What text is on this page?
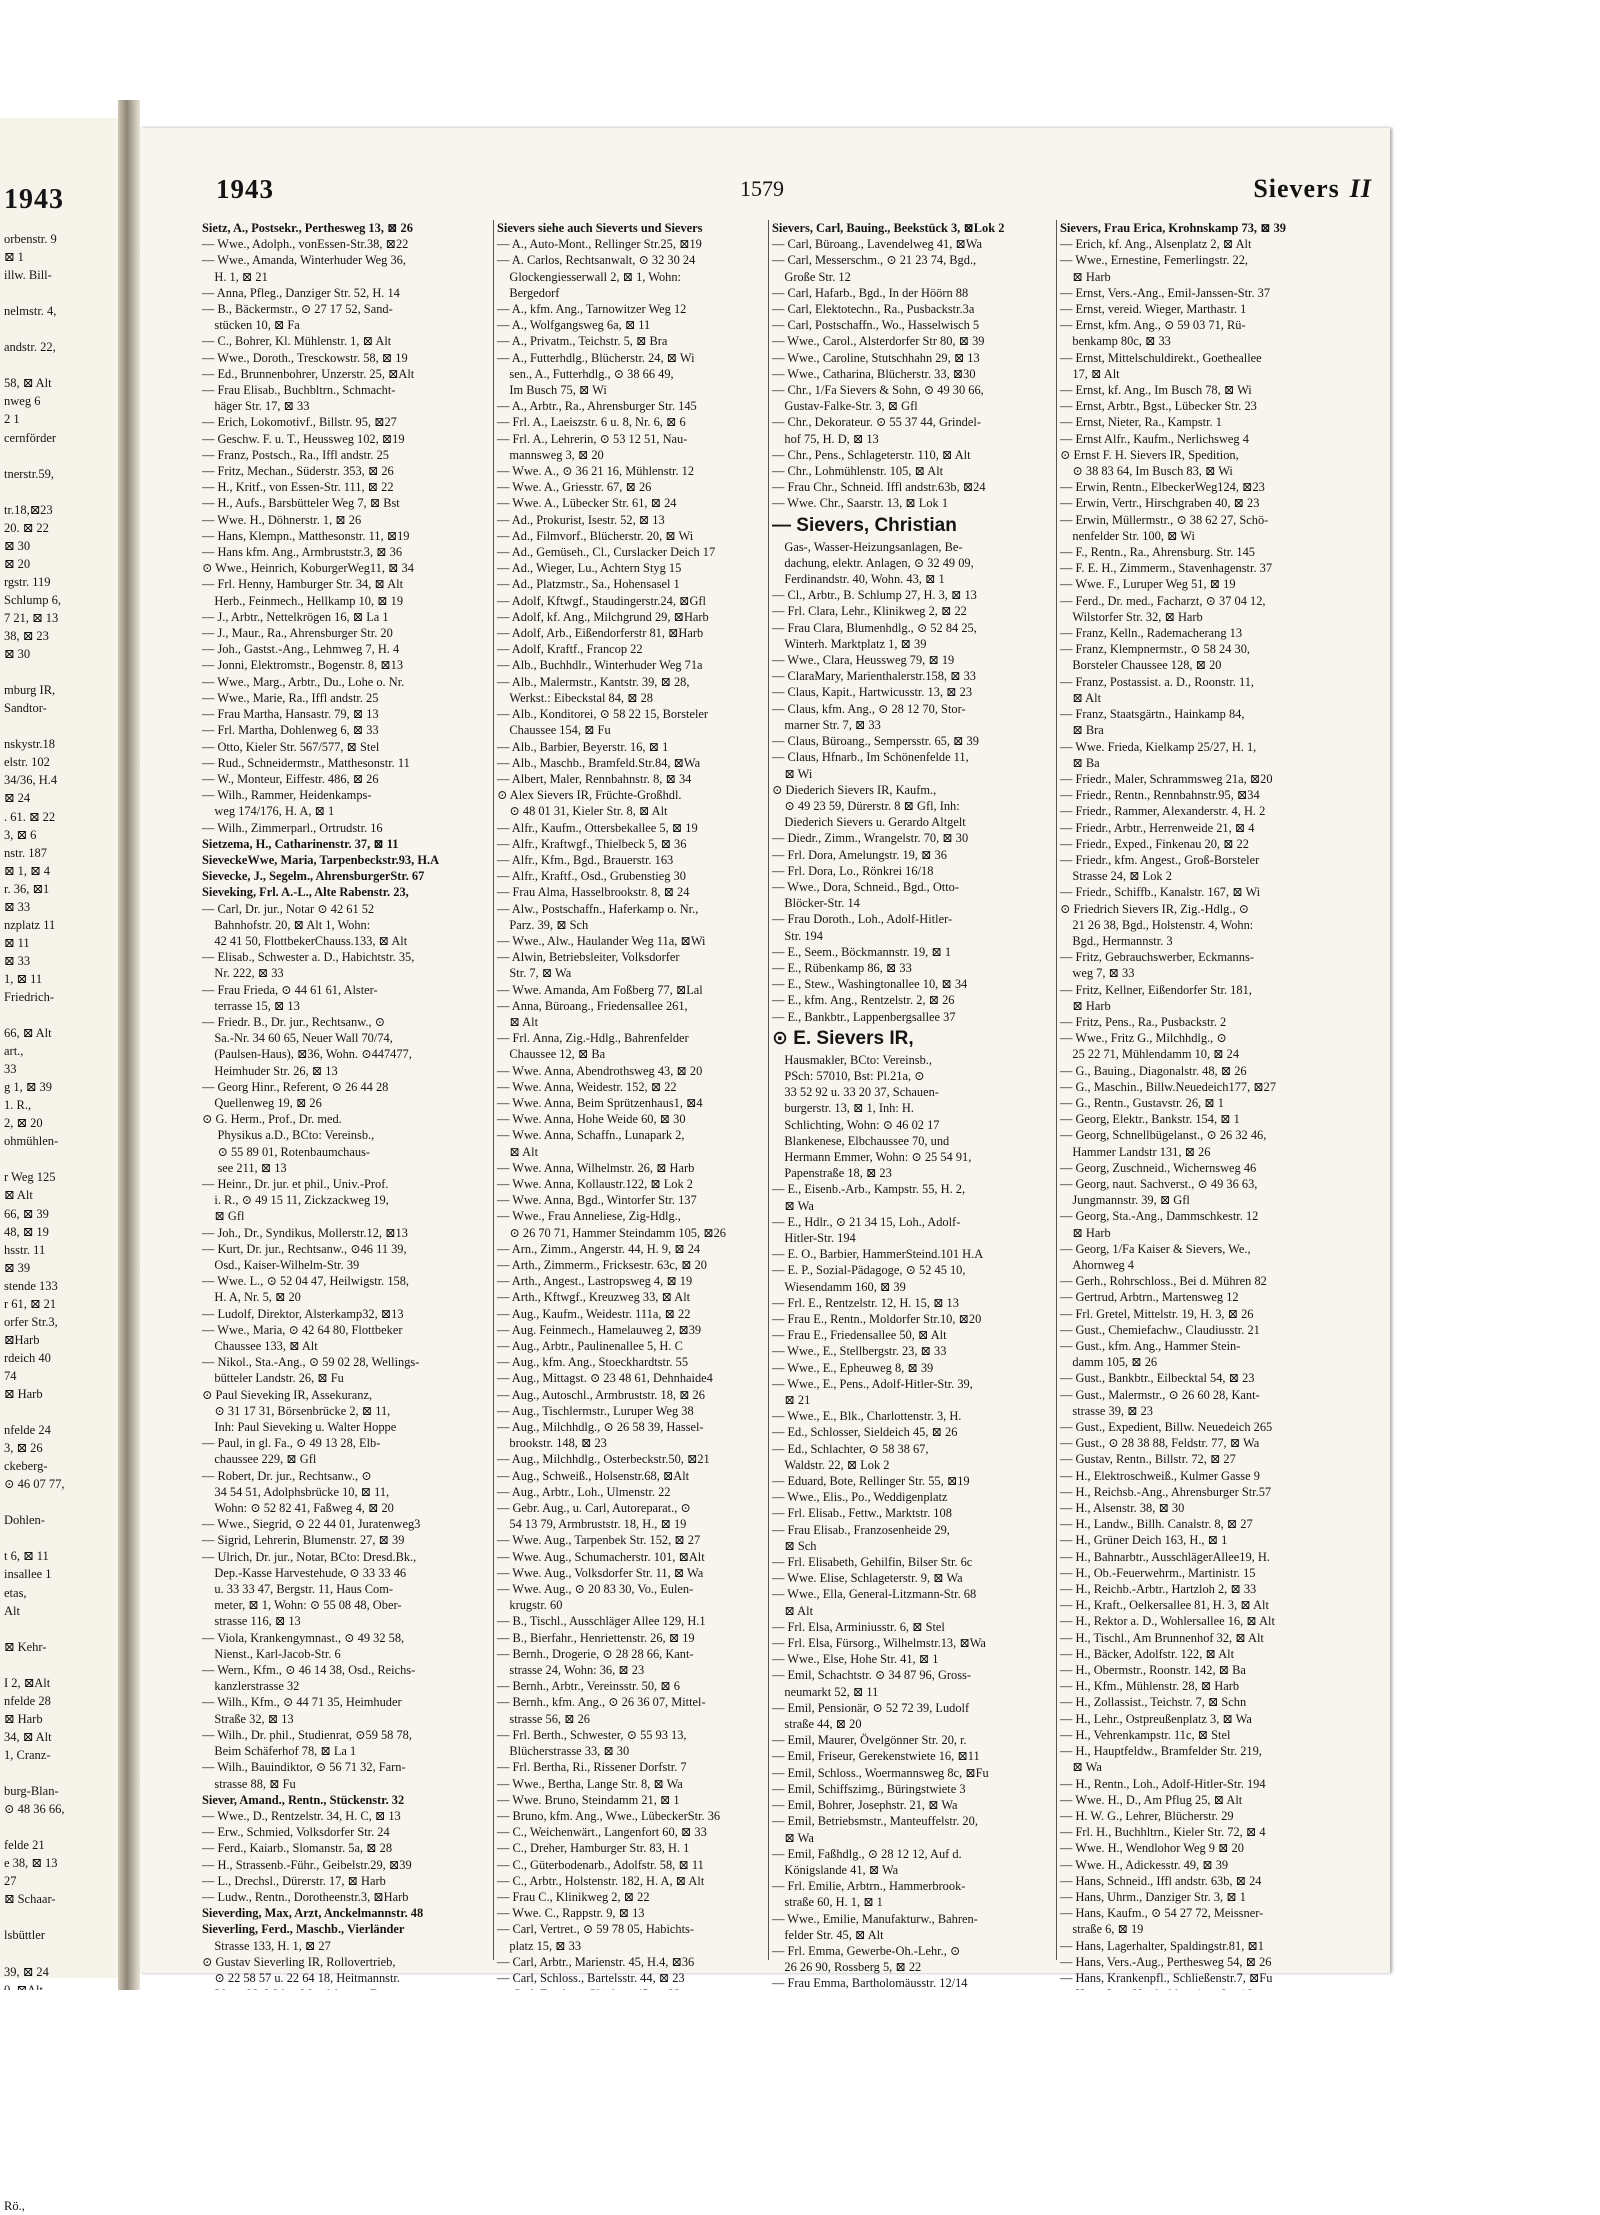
1943
orbenstr. 9
⊠ 1
illw. Bill-

nelmstr. 4,

andstr. 22,

58, ⊠ Alt
nweg 6
2 1
cernförder

tnerstr.59,

tr.18,⊠23
20. ⊠ 22
⊠ 30
⊠ 20
rgstr. 119
Schlump 6,
7 21, ⊠ 13
38, ⊠ 23
⊠ 30

mburg IR,
Sandtor-

nskystr.18
elstr. 102
34/36, H.4
⊠ 24
. 61. ⊠ 22
3, ⊠ 6
nstr. 187
⊠ 1, ⊠ 4
r. 36, ⊠1
⊠ 33
nzplatz 11
⊠ 11
⊠ 33
1, ⊠ 11
Friedrich-

66, ⊠ Alt
art.,
33
g 1, ⊠ 39
1. R.,
2, ⊠ 20
ohmühlen-

r Weg 125
⊠ Alt
66, ⊠ 39
48, ⊠ 19
hsstr. 11
⊠ 39
stende 133
r 61, ⊠ 21
orfer Str.3,
⊠Harb
rdeich 40
74
⊠ Harb

nfelde 24
3, ⊠ 26
ckeberg-
⊙ 46 07 77,

Dohlen-

t 6, ⊠ 11
insallee 1
etas,
Alt

⊠ Kehr-

I 2, ⊠Alt
nfelde 28
⊠ Harb
34, ⊠ Alt
1, Cranz-

burg-Blan-
⊙ 48 36 66,

felde 21
e 38, ⊠ 13
27
⊠ Schaar-

lsbüttler

39, ⊠ 24

Rö.,
1943	1579	Sievers II
Sietz, A., Postsekr., Perthesweg 13, ⊠ 26
— Wwe., Adolph., vonEssen-Str.38, ⊠22
— Wwe., Amanda, Winterhuder Weg 36,
 H. 1, ⊠ 21
— Anna, Pfleg., Danziger Str. 52, H. 14
— B., Bäckermstr., ⊙ 27 17 52, Sand-
 stücken 10, ⊠ Fa
— C., Bohrer, Kl. Mühlenstr. 1, ⊠ Alt
— Wwe., Doroth., Tresckowstr. 58, ⊠ 19
— Ed., Brunnenbohrer, Unzerstr. 25, ⊠Alt
— Frau Elisab., Buchbltrn., Schmacht-
 häger Str. 17, ⊠ 33
— Erich, Lokomotivf., Billstr. 95, ⊠27
— Geschw. F. u. T., Heussweg 102, ⊠19
— Franz, Postsch., Ra., Iffl andstr. 25
— Fritz, Mechan., Süderstr. 353, ⊠ 26
— H., Kritf., von Essen-Str. 111, ⊠ 22
— H., Aufs., Barsbütteler Weg 7, ⊠ Bst
— Wwe. H., Döhnerstr. 1, ⊠ 26
— Hans, Klempn., Matthesonstr. 11, ⊠19
— Hans kfm. Ang., Armbruststr.3, ⊠ 36
⊙ Wwe., Heinrich, KoburgerWeg11, ⊠ 34
— Frl. Henny, Hamburger Str. 34, ⊠ Alt
 Herb., Feinmech., Hellkamp 10, ⊠ 19
— J., Arbtr., Nettelkrögen 16, ⊠ La 1
— J., Maur., Ra., Ahrensburger Str. 20
— Joh., Gastst.-Ang., Lehmweg 7, H. 4
— Jonni, Elektromstr., Bogenstr. 8, ⊠13
— Wwe., Marg., Arbtr., Du., Lohe o. Nr.
— Wwe., Marie, Ra., Iffl andstr. 25
— Frau Martha, Hansastr. 79, ⊠ 13
— Frl. Martha, Dohlenweg 6, ⊠ 33
— Otto, Kieler Str. 567/577, ⊠ Stel
— Rud., Schneidermstr., Matthesonstr. 11
— W., Monteur, Eiffestr. 486, ⊠ 26
— Wilh., Rammer, Heidenkamps-
 weg 174/176, H. A, ⊠ 1
— Wilh., Zimmerparl., Ortrudstr. 16
Sietzema, H., Catharinenstr. 37, ⊠ 11
SieveckeWwe, Maria, Tarpenbeckstr.93, H.A
Sievecke, J., Segelm., AhrensburgerStr. 67
Sieveking, Frl. A.-L., Alte Rabenstr. 23,
— Carl, Dr. jur., Notar ⊙ 42 61 52
 Bahnhofstr. 20, ⊠ Alt 1, Wohn:
 42 41 50, FlottbekerChauss.133, ⊠ Alt
— Elisab., Schwester a. D., Habichtstr. 35,
 Nr. 222, ⊠ 33
— Frau Frieda, ⊙ 44 61 61, Alster-
 terrasse 15, ⊠ 13
— Friedr. B., Dr. jur., Rechtsanw., ⊙
 Sa.-Nr. 34 60 65, Neuer Wall 70/74,
 (Paulsen-Haus), ⊠36, Wohn. ⊙447477,
 Heimhuder Str. 26, ⊠ 13
— Georg Hinr., Referent, ⊙ 26 44 28
 Quellenweg 19, ⊠ 26
⊙ G. Herm., Prof., Dr. med.
  Physikus a.D., BCto: Vereinsb.,
  ⊙ 55 89 01, Rotenbaumchaus-
  see 211, ⊠ 13
— Heinr., Dr. jur. et phil., Univ.-Prof.
 i. R., ⊙ 49 15 11, Zickzackweg 19,
 ⊠ Gfl
— Joh., Dr., Syndikus, Mollerstr.12, ⊠13
— Kurt, Dr. jur., Rechtsanw., ⊙46 11 39,
 Osd., Kaiser-Wilhelm-Str. 39
— Wwe. L., ⊙ 52 04 47, Heilwigstr. 158,
 H. A, Nr. 5, ⊠ 20
— Ludolf, Direktor, Alsterkamp32, ⊠13
— Wwe., Maria, ⊙ 42 64 80, Flottbeker
 Chaussee 133, ⊠ Alt
— Nikol., Sta.-Ang., ⊙ 59 02 28, Wellings-
 bütteler Landstr. 26, ⊠ Fu
⊙ Paul Sieveking IR, Assekuranz,
 ⊙ 31 17 31, Börsenbrücke 2, ⊠ 11,
 Inh: Paul Sieveking u. Walter Hoppe
— Paul, in gl. Fa., ⊙ 49 13 28, Elb-
 chaussee 229, ⊠ Gfl
— Robert, Dr. jur., Rechtsanw., ⊙
 34 54 51, Adolphsbrücke 10, ⊠ 11,
 Wohn: ⊙ 52 82 41, Faßweg 4, ⊠ 20
— Wwe., Siegrid, ⊙ 22 44 01, Juratenweg3
— Sigrid, Lehrerin, Blumenstr. 27, ⊠ 39
— Ulrich, Dr. jur., Notar, BCto: Dresd.Bk.,
 Dep.-Kasse Harvestehude, ⊙ 33 33 46
 u. 33 33 47, Bergstr. 11, Haus Com-
 meter, ⊠ 1, Wohn: ⊙ 55 08 48, Ober-
 strasse 116, ⊠ 13
— Viola, Krankengymnast., ⊙ 49 32 58,
 Nienst., Karl-Jacob-Str. 6
— Wern., Kfm., ⊙ 46 14 38, Osd., Reichs-
 kanzlerstrasse 32
— Wilh., Kfm., ⊙ 44 71 35, Heimhuder
 Straße 32, ⊠ 13
— Wilh., Dr. phil., Studienrat, ⊙59 58 78,
 Beim Schäferhof 78, ⊠ La 1
— Wilh., Bauindiktor, ⊙ 56 71 32, Farn-
 strasse 88, ⊠ Fu
Siever, Amand., Rentn., Stückenstr. 32
— Wwe., D., Rentzelstr. 34, H. C, ⊠ 13
— Erw., Schmied, Volksdorfer Str. 24
— Ferd., Kaiarb., Slomanstr. 5a, ⊠ 28
— H., Strassenb.-Führ., Geibelstr.29, ⊠39
— L., Drechsl., Dürerstr. 17, ⊠ Harb
— Ludw., Rentn., Dorotheenstr.3, ⊠Harb
Sieverding, Max, Arzt, Anckelmannstr. 48
Sieverling, Ferd., Maschb., Vierländer
 Strasse 133, H. 1, ⊠ 27
⊙ Gustav Sieverling IR, Rollovertrieb,
 ⊙ 22 58 57 u. 22 64 18, Heitmannstr.
Sievers siehe auch Sieverts und Sievers
— A., Auto-Mont., Rellinger Str.25, ⊠19
— A. Carlos, Rechtsanwalt, ⊙ 32 30 24
 Glockengiesserwall 2, ⊠ 1, Wohn:
 Bergedorf
— A., kfm. Ang., Tarnowitzer Weg 12
— A., Wolfgangsweg 6a, ⊠ 11
— A., Privatm., Teichstr. 5, ⊠ Bra
— A., Futterhdlg., Blücherstr. 24, ⊠ Wi
 sen., A., Futterhdlg., ⊙ 38 66 49,
 Im Busch 75, ⊠ Wi
— A., Arbtr., Ra., Ahrensburger Str. 145
— Frl. A., Laeiszstr. 6 u. 8, Nr. 6, ⊠ 6
— Frl. A., Lehrerin, ⊙ 53 12 51, Nau-
 mannsweg 3, ⊠ 20
— Wwe. A., ⊙ 36 21 16, Mühlenstr. 12
— Wwe. A., Griesstr. 67, ⊠ 26
— Wwe. A., Lübecker Str. 61, ⊠ 24
— Ad., Prokurist, Isestr. 52, ⊠ 13
— Ad., Filmvorf., Blücherstr. 20, ⊠ Wi
— Ad., Gemüseh., Cl., Curslacker Deich 17
— Ad., Wieger, Lu., Achtern Styg 15
— Ad., Platzmstr., Sa., Hohensasel 1
— Adolf, Kftwgf., Staudingerstr.24, ⊠Gfl
— Adolf, kf. Ang., Milchgrund 29, ⊠Harb
— Adolf, Arb., Eißendorferstr 81, ⊠Harb
— Adolf, Kraftf., Francop 22
— Alb., Buchhdlr., Winterhuder Weg 71a
— Alb., Malermstr., Kantstr. 39, ⊠ 28,
 Werkst.: Eibeckstal 84, ⊠ 28
— Alb., Konditorei, ⊙ 58 22 15, Borsteler
 Chaussee 154, ⊠ Fu
— Alb., Barbier, Beyerstr. 16, ⊠ 1
— Alb., Maschb., Bramfeld.Str.84, ⊠Wa
— Albert, Maler, Rennbahnstr. 8, ⊠ 34
⊙ Alex Sievers IR, Früchte-Großhdl.
 ⊙ 48 01 31, Kieler Str. 8, ⊠ Alt
— Alfr., Kaufm., Ottersbekallee 5, ⊠ 19
— Alfr., Kraftwgf., Thielbeck 5, ⊠ 36
— Alfr., Kfm., Bgd., Brauerstr. 163
— Alfr., Kraftf., Osd., Grubenstieg 30
— Frau Alma, Hasselbrookstr. 8, ⊠ 24
— Alw., Postschaffn., Haferkamp o. Nr.,
 Parz. 39, ⊠ Sch
— Wwe., Alw., Haulander Weg 11a, ⊠Wi
— Alwin, Betriebsleiter, Volksdorfer
 Str. 7, ⊠ Wa
— Wwe. Amanda, Am Foßberg 77, ⊠Lal
— Anna, Büroang., Friedensallee 261,
 ⊠ Alt
— Frl. Anna, Zig.-Hdlg., Bahrenfelder
 Chaussee 12, ⊠ Ba
— Wwe. Anna, Abendrothsweg 43, ⊠ 20
— Wwe. Anna, Weidestr. 152, ⊠ 22
— Wwe. Anna, Beim Sprützenhaus1, ⊠4
— Wwe. Anna, Hohe Weide 60, ⊠ 30
— Wwe. Anna, Schaffn., Lunapark 2,
 ⊠ Alt
— Wwe. Anna, Wilhelmstr. 26, ⊠ Harb
— Wwe. Anna, Kollaustr.122, ⊠ Lok 2
— Wwe. Anna, Bgd., Wintorfer Str. 137
— Wwe., Frau Anneliese, Zig-Hdlg.,
 ⊙ 26 70 71, Hammer Steindamm 105, ⊠26
— Arn., Zimm., Angerstr. 44, H. 9, ⊠ 24
— Arth., Zimmerm., Fricksestr. 63c, ⊠ 20
— Arth., Angest., Lastropsweg 4, ⊠ 19
— Arth., Kftwgf., Kreuzweg 33, ⊠ Alt
— Aug., Kaufm., Weidestr. 111a, ⊠ 22
— Aug. Feinmech., Hamelauweg 2, ⊠39
— Aug., Arbtr., Paulinenallee 5, H. C
— Aug., kfm. Ang., Stoeckhardtstr. 55
— Aug., Mittagst. ⊙ 23 48 61, Dehnhaide4
— Aug., Autoschl., Armbruststr. 18, ⊠ 26
— Aug., Tischlermstr., Luruper Weg 38
— Aug., Milchhdlg., ⊙ 26 58 39, Hassel-
 brookstr. 148, ⊠ 23
— Aug., Milchhdlg., Osterbeckstr.50, ⊠21
— Aug., Schweiß., Holsenstr.68, ⊠Alt
— Aug., Arbtr., Loh., Ulmenstr. 22
— Gebr. Aug., u. Carl, Autoreparat., ⊙
 54 13 79, Armbruststr. 18, H., ⊠ 19
— Wwe. Aug., Tarpenbek Str. 152, ⊠ 27
— Wwe. Aug., Schumacherstr. 101, ⊠Alt
— Wwe. Aug., Volksdorfer Str. 11, ⊠ Wa
— Wwe. Aug., ⊙ 20 83 30, Vo., Eulen-
 krugstr. 60
— B., Tischl., Ausschläger Allee 129, H.1
— B., Bierfahr., Henriettenstr. 26, ⊠ 19
— Bernh., Drogerie, ⊙ 28 28 66, Kant-
 strasse 24, Wohn: 36, ⊠ 23
— Bernh., Arbtr., Vereinsstr. 50, ⊠ 6
— Bernh., kfm. Ang., ⊙ 26 36 07, Mittel-
 strasse 56, ⊠ 26
— Frl. Berth., Schwester, ⊙ 55 93 13,
 Blücherstrasse 33, ⊠ 30
— Frl. Bertha, Ri., Rissener Dorfstr. 7
— Wwe., Bertha, Lange Str. 8, ⊠ Wa
— Wwe. Bruno, Steindamm 21, ⊠ 1
— Bruno, kfm. Ang., Wwe., LübeckerStr. 36
— C., Weichenwärt., Langenfort 60, ⊠ 33
— C., Dreher, Hamburger Str. 83, H. 1
— C., Güterbodenarb., Adolfstr. 58, ⊠ 11
— C., Arbtr., Holstenstr. 182, H. A, ⊠ Alt
— Frau C., Klinikweg 2, ⊠ 22
— Wwe. C., Rappstr. 9, ⊠ 13
— Carl, Vertret., ⊙ 59 78 05, Habichts-
 platz 15, ⊠ 33
— Carl, Arbtr., Marienstr. 45, H.4, ⊠36
— Carl, Schloss., Bartelsstr. 44, ⊠ 23
Sievers, Carl, Bauing., Beekstück 3, ⊠Lok 2
— Carl, Büroang., Lavendelweg 41, ⊠Wa
— Carl, Messerschm., ⊙ 21 23 74, Bgd.,
 Große Str. 12
— Carl, Hafarb., Bgd., In der Höörn 88
— Carl, Elektotechn., Ra., Pusbackstr.3a
— Carl, Postschaffn., Wo., Hasselwisch 5
— Wwe., Carol., Alsterdorfer Str 80, ⊠ 39
— Wwe., Caroline, Stutschhahn 29, ⊠ 13
— Wwe., Catharina, Blücherstr. 33, ⊠30
— Chr., 1/Fa Sievers & Sohn, ⊙ 49 30 66,
 Gustav-Falke-Str. 3, ⊠ Gfl
— Chr., Dekorateur. ⊙ 55 37 44, Grindel-
 hof 75, H. D, ⊠ 13
— Chr., Pens., Schlageterstr. 110, ⊠ Alt
— Chr., Lohmühlenstr. 105, ⊠ Alt
— Frau Chr., Schneid. Iffl andstr.63b, ⊠24
— Wwe. Chr., Saarstr. 13, ⊠ Lok 1
— Sievers, Christian
 Gas-, Wasser-Heizungsanlagen, Be-
 dachung, elektr. Anlagen, ⊙ 32 49 09,
 Ferdinandstr. 40, Wohn. 43, ⊠ 1
— Cl., Arbtr., B. Schlump 27, H. 3, ⊠ 13
— Frl. Clara, Lehr., Klinikweg 2, ⊠ 22
— Frau Clara, Blumenhdlg., ⊙ 52 84 25,
 Winterh. Marktplatz 1, ⊠ 39
— Wwe., Clara, Heussweg 79, ⊠ 19
— ClaraMary, Marienthalerstr.158, ⊠ 33
— Claus, Kapit., Hartwicusstr. 13, ⊠ 23
— Claus, kfm. Ang., ⊙ 28 12 70, Stor-
 marner Str. 7, ⊠ 33
— Claus, Büroang., Sempersstr. 65, ⊠ 39
— Claus, Hfnarb., Im Schönenfelde 11,
 ⊠ Wi
⊙ Diederich Sievers IR, Kaufm.,
 ⊙ 49 23 59, Dürerstr. 8 ⊠ Gfl, Inh:
 Diederich Sievers u. Gerardo Altgelt
— Diedr., Zimm., Wrangelstr. 70, ⊠ 30
— Frl. Dora, Amelungstr. 19, ⊠ 36
— Frl. Dora, Lo., Rönkrei 16/18
— Wwe., Dora, Schneid., Bgd., Otto-
 Blöcker-Str. 14
— Frau Doroth., Loh., Adolf-Hitler-
 Str. 194
— E., Seem., Böckmannstr. 19, ⊠ 1
— E., Rübenkamp 86, ⊠ 33
— E., Stew., Washingtonallee 10, ⊠ 34
— E., kfm. Ang., Rentzelstr. 2, ⊠ 26
— E., Bankbtr., Lappenbergsallee 37
⊙ E. Sievers IR,
 Hausmakler, BCto: Vereinsb.,
 PSch: 57010, Bst: Pl.21a, ⊙
 33 52 92 u. 33 20 37, Schauen-
 burgerstr. 13, ⊠ 1, Inh: H.
 Schlichting, Wohn: ⊙ 46 02 17
 Blankenese, Elbchaussee 70, und
 Hermann Emmer, Wohn: ⊙ 25 54 91,
 Papenstraße 18, ⊠ 23
— E., Eisenb.-Arb., Kampstr. 55, H. 2,
 ⊠ Wa
— E., Hdlr., ⊙ 21 34 15, Loh., Adolf-
 Hitler-Str. 194
— E. O., Barbier, HammerSteind.101 H.A
— E. P., Sozial-Pädagoge, ⊙ 52 45 10,
 Wiesendamm 160, ⊠ 39
— Frl. E., Rentzelstr. 12, H. 15, ⊠ 13
— Frau E., Rentn., Moldorfer Str.10, ⊠20
— Frau E., Friedensallee 50, ⊠ Alt
— Wwe., E., Stellbergstr. 23, ⊠ 33
— Wwe., E., Epheuweg 8, ⊠ 39
— Wwe., E., Pens., Adolf-Hitler-Str. 39,
 ⊠ 21
— Wwe., E., Blk., Charlottenstr. 3, H.
— Ed., Schlosser, Sieldeich 45, ⊠ 26
— Ed., Schlachter, ⊙ 58 38 67,
 Waldstr. 22, ⊠ Lok 2
— Eduard, Bote, Rellinger Str. 55, ⊠19
— Wwe., Elis., Po., Weddigenplatz
— Frl. Elisab., Fettw., Marktstr. 108
— Frau Elisab., Franzosenheide 29,
 ⊠ Sch
— Frl. Elisabeth, Gehilfin, Bilser Str. 6c
— Wwe. Elise, Schlageterstr. 9, ⊠ Wa
— Wwe., Ella, General-Litzmann-Str. 68
 ⊠ Alt
— Frl. Elsa, Arminiusstr. 6, ⊠ Stel
— Frl. Elsa, Fürsorg., Wilhelmstr.13, ⊠Wa
— Wwe., Else, Hohe Str. 41, ⊠ 1
— Emil, Schachtstr. ⊙ 34 87 96, Gross-
 neumarkt 52, ⊠ 11
— Emil, Pensionär, ⊙ 52 72 39, Ludolf
 straße 44, ⊠ 20
— Emil, Maurer, Övelgönner Str. 20, r.
— Emil, Friseur, Gerekenstwiete 16, ⊠11
— Emil, Schloss., Woermannsweg 8c, ⊠Fu
— Emil, Schiffszimg., Büringstwiete 3
— Emil, Bohrer, Josephstr. 21, ⊠ Wa
— Emil, Betriebsmstr., Manteuffelstr. 20,
 ⊠ Wa
— Emil, Faßhdlg., ⊙ 28 12 12, Auf d.
 Königslande 41, ⊠ Wa
— Frl. Emilie, Arbtrn., Hammerbrook-
 straße 60, H. 1, ⊠ 1
— Wwe., Emilie, Manufakturw., Bahren-
 felder Str. 45, ⊠ Alt
— Frl. Emma, Gewerbe-Oh.-Lehr., ⊙
 26 26 90, Rossberg 5, ⊠ 22
— Frau Emma, Bartholomäusstr. 12/14
Sievers, Frau Erica, Krohnskamp 73, ⊠ 39
— Erich, kf. Ang., Alsenplatz 2, ⊠ Alt
— Wwe., Ernestine, Femerlingstr. 22,
 ⊠ Harb
— Ernst, Vers.-Ang., Emil-Janssen-Str. 37
— Ernst, vereid. Wieger, Marthastr. 1
— Ernst, kfm. Ang., ⊙ 59 03 71, Rü-
 benkamp 80c, ⊠ 33
— Ernst, Mittelschuldirekt., Goetheallee
 17, ⊠ Alt
— Ernst, kf. Ang., Im Busch 78, ⊠ Wi
— Ernst, Arbtr., Bgst., Lübecker Str. 23
— Ernst, Nieter, Ra., Kampstr. 1
— Ernst Alfr., Kaufm., Nerlichsweg 4
⊙ Ernst F. H. Sievers IR, Spedition,
 ⊙ 38 83 64, Im Busch 83, ⊠ Wi
— Erwin, Rentn., ElbeckerWeg124, ⊠23
— Erwin, Vertr., Hirschgraben 40, ⊠ 23
— Erwin, Müllermstr., ⊙ 38 62 27, Schö-
 nenfelder Str. 100, ⊠ Wi
— F., Rentn., Ra., Ahrensburg. Str. 145
— F. E. H., Zimmerm., Stavenhagenstr. 37
— Wwe. F., Luruper Weg 51, ⊠ 19
— Ferd., Dr. med., Facharzt, ⊙ 37 04 12,
 Wilstorfer Str. 32, ⊠ Harb
— Franz, Kelln., Rademacherang 13
— Franz, Klempnermstr., ⊙ 58 24 30,
 Borsteler Chaussee 128, ⊠ 20
— Franz, Postassist. a. D., Roonstr. 11,
 ⊠ Alt
— Franz, Staatsgärtn., Hainkamp 84,
 ⊠ Bra
— Wwe. Frieda, Kielkamp 25/27, H. 1,
 ⊠ Ba
— Friedr., Maler, Schrammsweg 21a, ⊠20
— Friedr., Rentn., Rennbahnstr.95, ⊠34
— Friedr., Rammer, Alexanderstr. 4, H. 2
— Friedr., Arbtr., Herrenweide 21, ⊠ 4
— Friedr., Exped., Finkenau 20, ⊠ 22
— Friedr., kfm. Angest., Groß-Borsteler
 Strasse 24, ⊠ Lok 2
— Friedr., Schiffb., Kanalstr. 167, ⊠ Wi
⊙ Friedrich Sievers IR, Zig.-Hdlg., ⊙
 21 26 38, Bgd., Holstenstr. 4, Wohn:
 Bgd., Hermannstr. 3
— Fritz, Gebrauchswerber, Eckmanns-
 weg 7, ⊠ 33
— Fritz, Kellner, Eißendorfer Str. 181,
 ⊠ Harb
— Fritz, Pens., Ra., Pusbackstr. 2
— Wwe., Fritz G., Milchhdlg., ⊙
 25 22 71, Mühlendamm 10, ⊠ 24
— G., Bauing., Diagonalstr. 48, ⊠ 26
— G., Maschin., Billw.Neuedeich177, ⊠27
— G., Rentn., Gustavstr. 26, ⊠ 1
— Georg, Elektr., Bankstr. 154, ⊠ 1
— Georg, Schnellbügelanst., ⊙ 26 32 46,
 Hammer Landstr 131, ⊠ 26
— Georg, Zuschneid., Wichernsweg 46
— Georg, naut. Sachverst., ⊙ 49 36 63,
 Jungmannstr. 39, ⊠ Gfl
— Georg, Sta.-Ang., Dammschkestr. 12
 ⊠ Harb
— Georg, 1/Fa Kaiser & Sievers, We.,
 Ahornweg 4
— Gerh., Rohrschloss., Bei d. Mühren 82
— Gertrud, Arbtrn., Martensweg 12
— Frl. Gretel, Mittelstr. 19, H. 3, ⊠ 26
— Gust., Chemiefachw., Claudiusstr. 21
— Gust., kfm. Ang., Hammer Stein-
 damm 105, ⊠ 26
— Gust., Bankbtr., Eilbecktal 54, ⊠ 23
— Gust., Malermstr., ⊙ 26 60 28, Kant-
 strasse 39, ⊠ 23
— Gust., Expedient, Billw. Neuedeich 265
— Gust., ⊙ 28 38 88, Feldstr. 77, ⊠ Wa
— Gustav, Rentn., Billstr. 72, ⊠ 27
— H., Elektroschweiß., Kulmer Gasse 9
— H., Reichsb.-Ang., Ahrensburger Str.57
— H., Alsenstr. 38, ⊠ 30
— H., Landw., Billh. Canalstr. 8, ⊠ 27
— H., Grüner Deich 163, H., ⊠ 1
— H., Bahnarbtr., AusschlägerAllee19, H.
— H., Ob.-Feuerwehrm., Martinistr. 15
— H., Reichb.-Arbtr., Hartzloh 2, ⊠ 33
— H., Kraft., Oelkersallee 81, H. 3, ⊠ Alt
— H., Rektor a. D., Wohlersallee 16, ⊠ Alt
— H., Tischl., Am Brunnenhof 32, ⊠ Alt
— H., Bäcker, Adolfstr. 122, ⊠ Alt
— H., Obermstr., Roonstr. 142, ⊠ Ba
— H., Kfm., Mühlenstr. 28, ⊠ Harb
— H., Zollassist., Teichstr. 7, ⊠ Schn
— H., Lehr., Ostpreußenplatz 3, ⊠ Wa
— H., Vehrenkampstr. 11c, ⊠ Stel
— H., Hauptfeldw., Bramfelder Str. 219,
 ⊠ Wa
— H., Rentn., Loh., Adolf-Hitler-Str. 194
— Wwe. H., D., Am Pflug 25, ⊠ Alt
— H. W. G., Lehrer, Blücherstr. 29
— Frl. H., Buchhltrn., Kieler Str. 72, ⊠ 4
— Wwe. H., Wendlohor Weg 9 ⊠ 20
— Wwe. H., Adickesstr. 49, ⊠ 39
— Hans, Schneid., Iffl andstr. 63b, ⊠ 24
— Hans, Uhrm., Danziger Str. 3, ⊠ 1
— Hans, Kaufm., ⊙ 54 27 72, Meissner-
 straße 6, ⊠ 19
— Hans, Lagerhalter, Spaldingstr.81, ⊠1
— Hans, Vers.-Aug., Perthesweg 54, ⊠ 26
— Hans, Krankenpfl., Schließenstr.7, ⊠Fu
